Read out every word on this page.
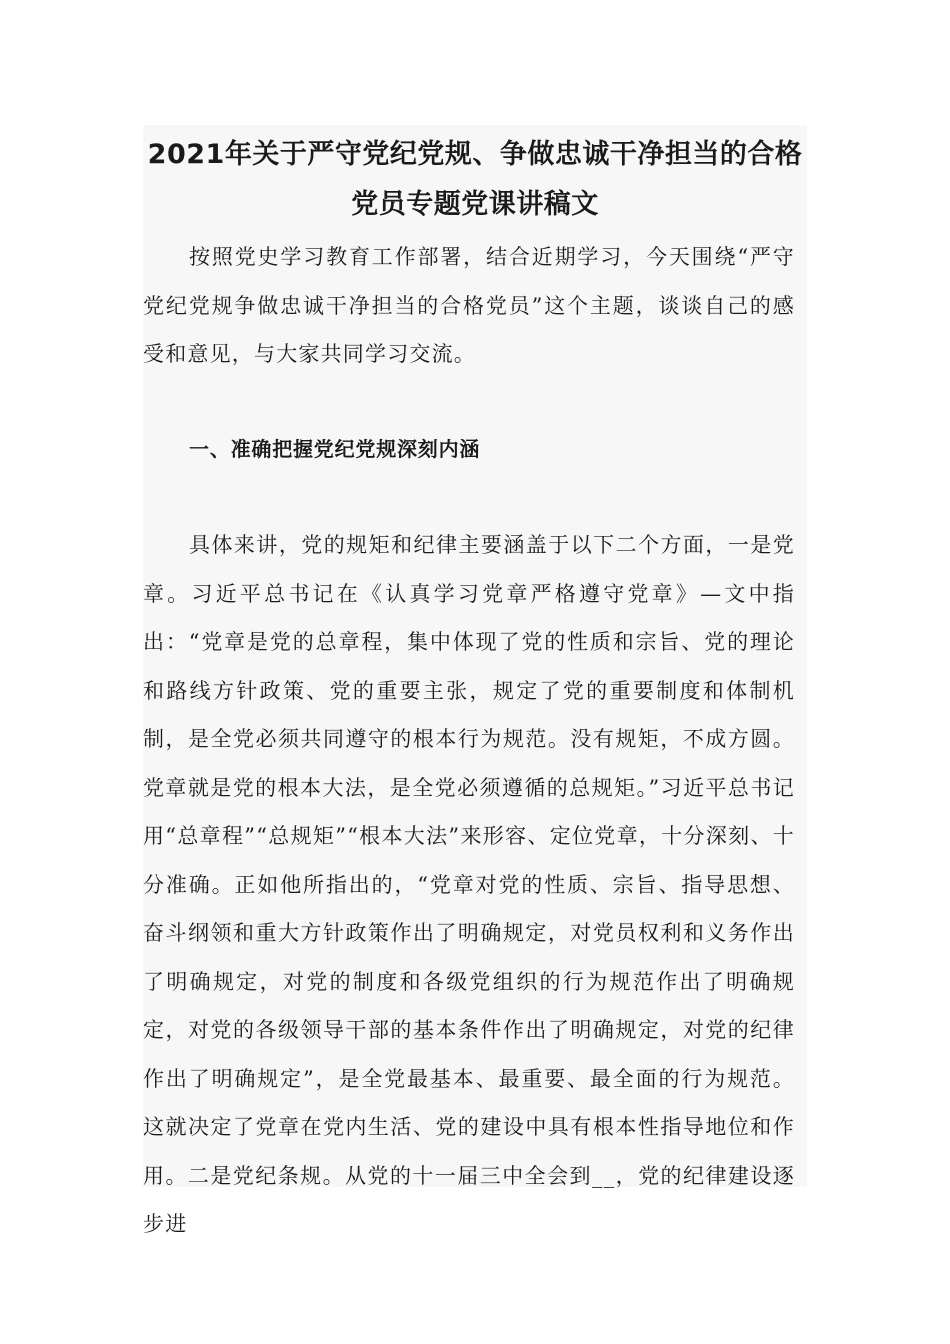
2021年关于严守党纪党规、争做忠诚干净担当的合格党员专题党课讲稿文

按照党史学习教育工作部署，结合近期学习，今天围绕“严守党纪党规争做忠诚干净担当的合格党员”这个主题，谈谈自己的感受和意见，与大家共同学习交流。

一、准确把握党纪党规深刻内涵

具体来讲，党的规矩和纪律主要涵盖于以下二个方面，一是党章。习近平总书记在《认真学习党章严格遵守党章》—文中指出：“党章是党的总章程，集中体现了党的性质和宗旨、党的理论和路线方针政策、党的重要主张，规定了党的重要制度和体制机制，是全党必须共同遵守的根本行为规范。没有规矩，不成方圆。党章就是党的根本大法，是全党必须遵循的总规矩。”习近平总书记用“总章程”“总规矩”“根本大法”来形容、定位党章，十分深刻、十分准确。正如他所指出的，“党章对党的性质、宗旨、指导思想、奋斗纲领和重大方针政策作出了明确规定，对党员权利和义务作出了明确规定，对党的制度和各级党组织的行为规范作出了明确规定，对党的各级领导干部的基本条件作出了明确规定，对党的纪律作出了明确规定”，是全党最基本、最重要、最全面的行为规范。这就决定了党章在党内生活、党的建设中具有根本性指导地位和作用。二是党纪条规。从党的十一届三中全会到__，党的纪律建设逐步进
